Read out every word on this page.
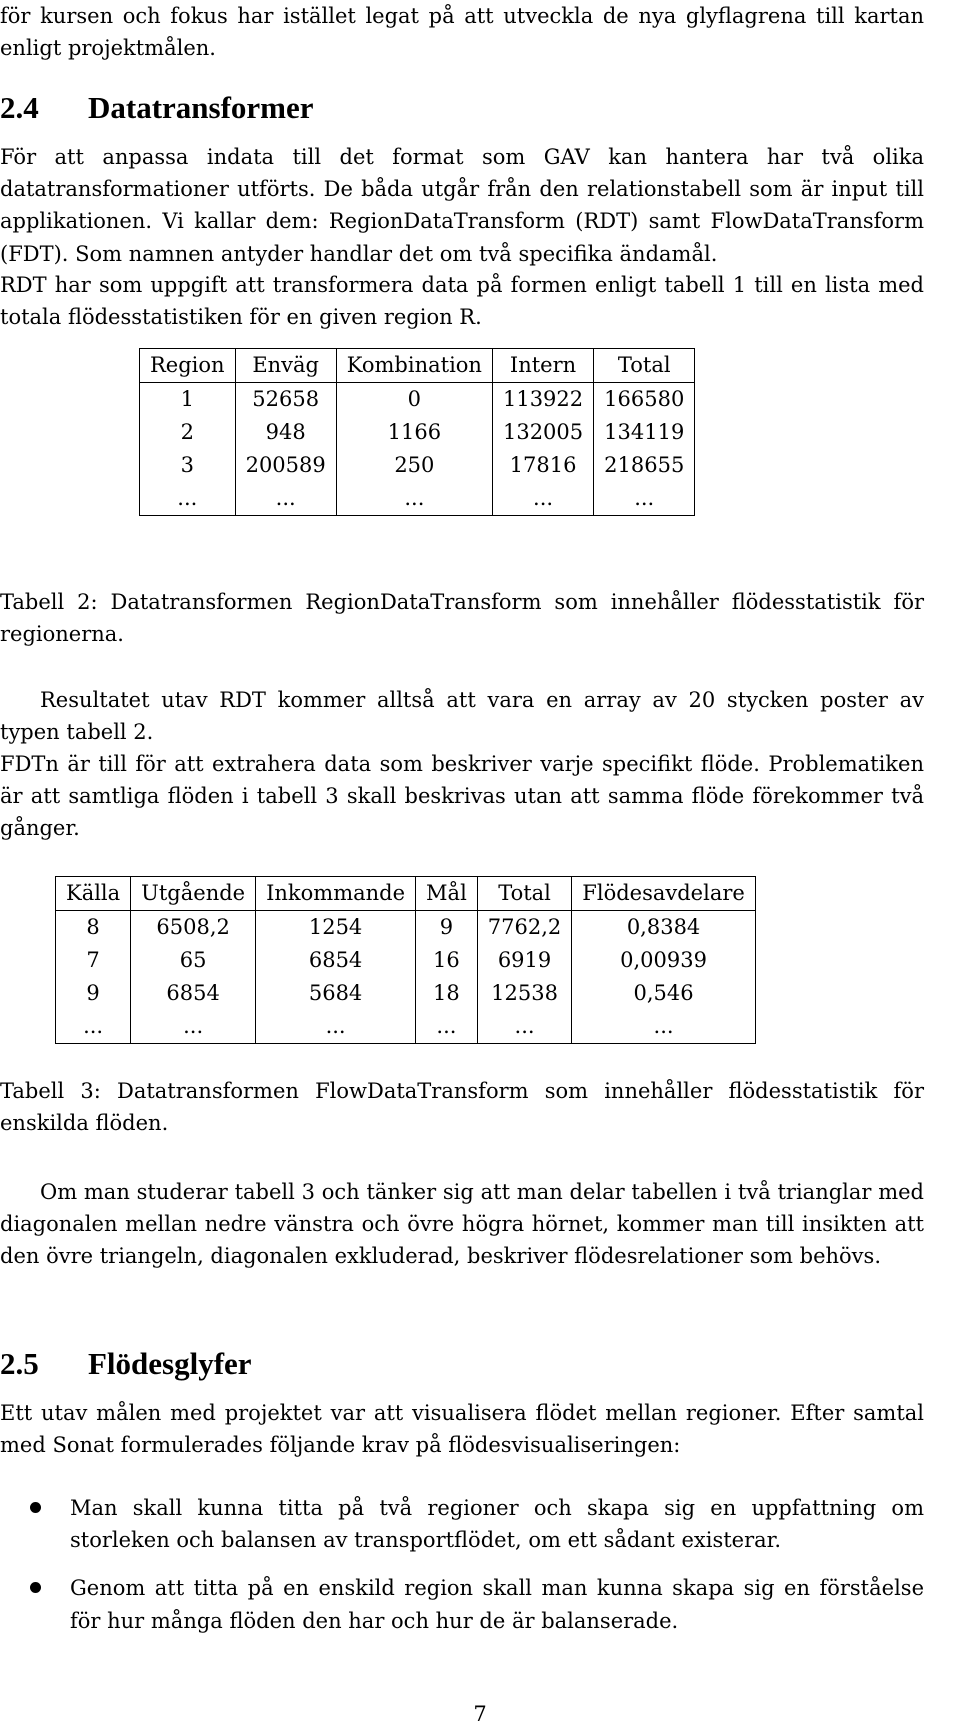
för kursen och fokus har istället legat på att utveckla de nya glyflagrena till kartan enligt projektmålen.

2.4 Datatransformer

För att anpassa indata till det format som GAV kan hantera har två olika datatransformationer utförts. De båda utgår från den relationstabell som är input till applikationen. Vi kallar dem: RegionDataTransform (RDT) samt FlowDataTransform (FDT). Som namnen antyder handlar det om två specifika ändamål.

RDT har som uppgift att transformera data på formen enligt tabell 1 till en lista med totala flödesstatistiken för en given region R.

Region	Enväg	Kombination	Intern	Total
1	52658	0	113922	166580
2	948	1166	132005	134119
3	200589	250	17816	218655
...	...	...	...	...

Tabell 2: Datatransformen RegionDataTransform som innehåller flödesstatistik för regionerna.

Resultatet utav RDT kommer alltså att vara en array av 20 stycken poster av typen tabell 2.

FDTn är till för att extrahera data som beskriver varje specifikt flöde. Problematiken är att samtliga flöden i tabell 3 skall beskrivas utan att samma flöde förekommer två gånger.

Källa	Utgående	Inkommande	Mål	Total	Flödesavdelare
8	6508,2	1254	9	7762,2	0,8384
7	65	6854	16	6919	0,00939
9	6854	5684	18	12538	0,546
...	...	...	...	...	...

Tabell 3: Datatransformen FlowDataTransform som innehåller flödesstatistik för enskilda flöden.

Om man studerar tabell 3 och tänker sig att man delar tabellen i två trianglar med diagonalen mellan nedre vänstra och övre högra hörnet, kommer man till insikten att den övre triangeln, diagonalen exkluderad, beskriver flödesrelationer som behövs.

2.5 Flödesglyfer

Ett utav målen med projektet var att visualisera flödet mellan regioner. Efter samtal med Sonat formulerades följande krav på flödesvisualiseringen:

Man skall kunna titta på två regioner och skapa sig en uppfattning om storleken och balansen av transportflödet, om ett sådant existerar.
Genom att titta på en enskild region skall man kunna skapa sig en förståelse för hur många flöden den har och hur de är balanserade.

7
